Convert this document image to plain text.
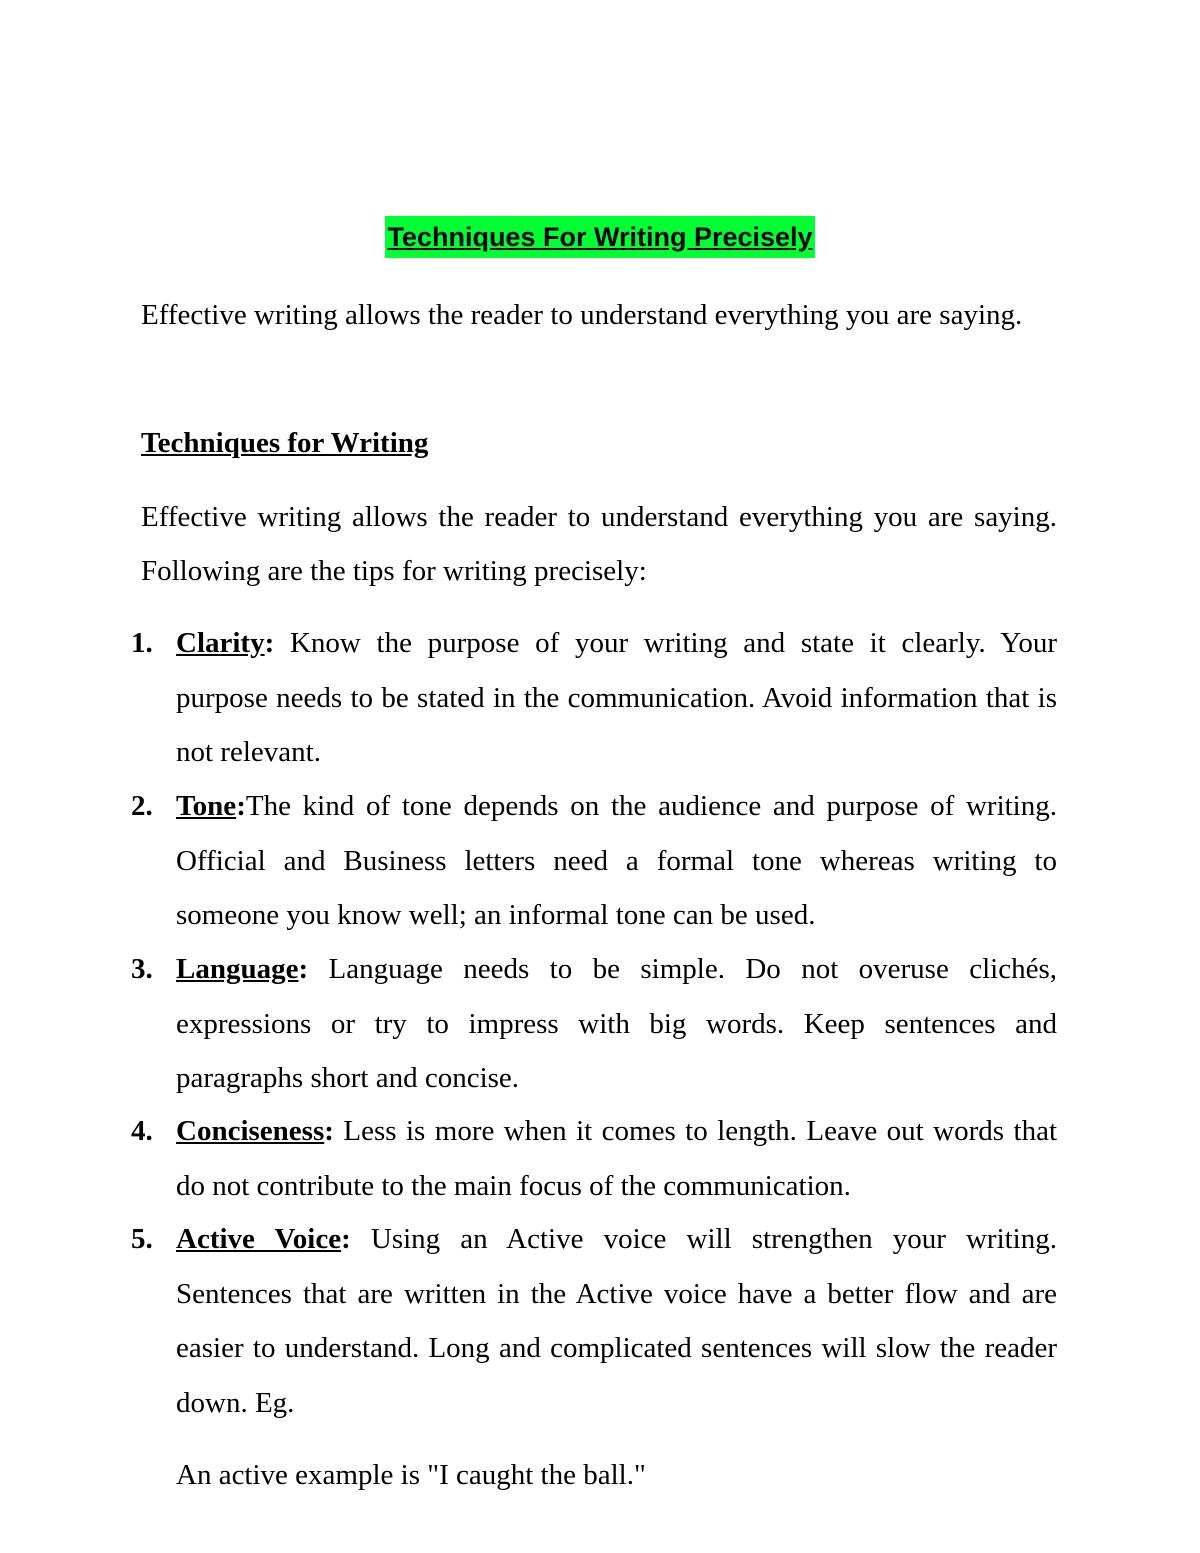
Techniques For Writing Precisely

Effective writing allows the reader to understand everything you are saying.

Techniques for Writing

Effective writing allows the reader to understand everything you are saying. Following are the tips for writing precisely:

1. Clarity: Know the purpose of your writing and state it clearly. Your purpose needs to be stated in the communication. Avoid information that is not relevant.

2. Tone:The kind of tone depends on the audience and purpose of writing. Official and Business letters need a formal tone whereas writing to someone you know well; an informal tone can be used.

3. Language: Language needs to be simple. Do not overuse clichés, expressions or try to impress with big words. Keep sentences and paragraphs short and concise.

4. Conciseness: Less is more when it comes to length. Leave out words that do not contribute to the main focus of the communication.

5. Active Voice: Using an Active voice will strengthen your writing. Sentences that are written in the Active voice have a better flow and are easier to understand. Long and complicated sentences will slow the reader down. Eg.

An active example is "I caught the ball."
